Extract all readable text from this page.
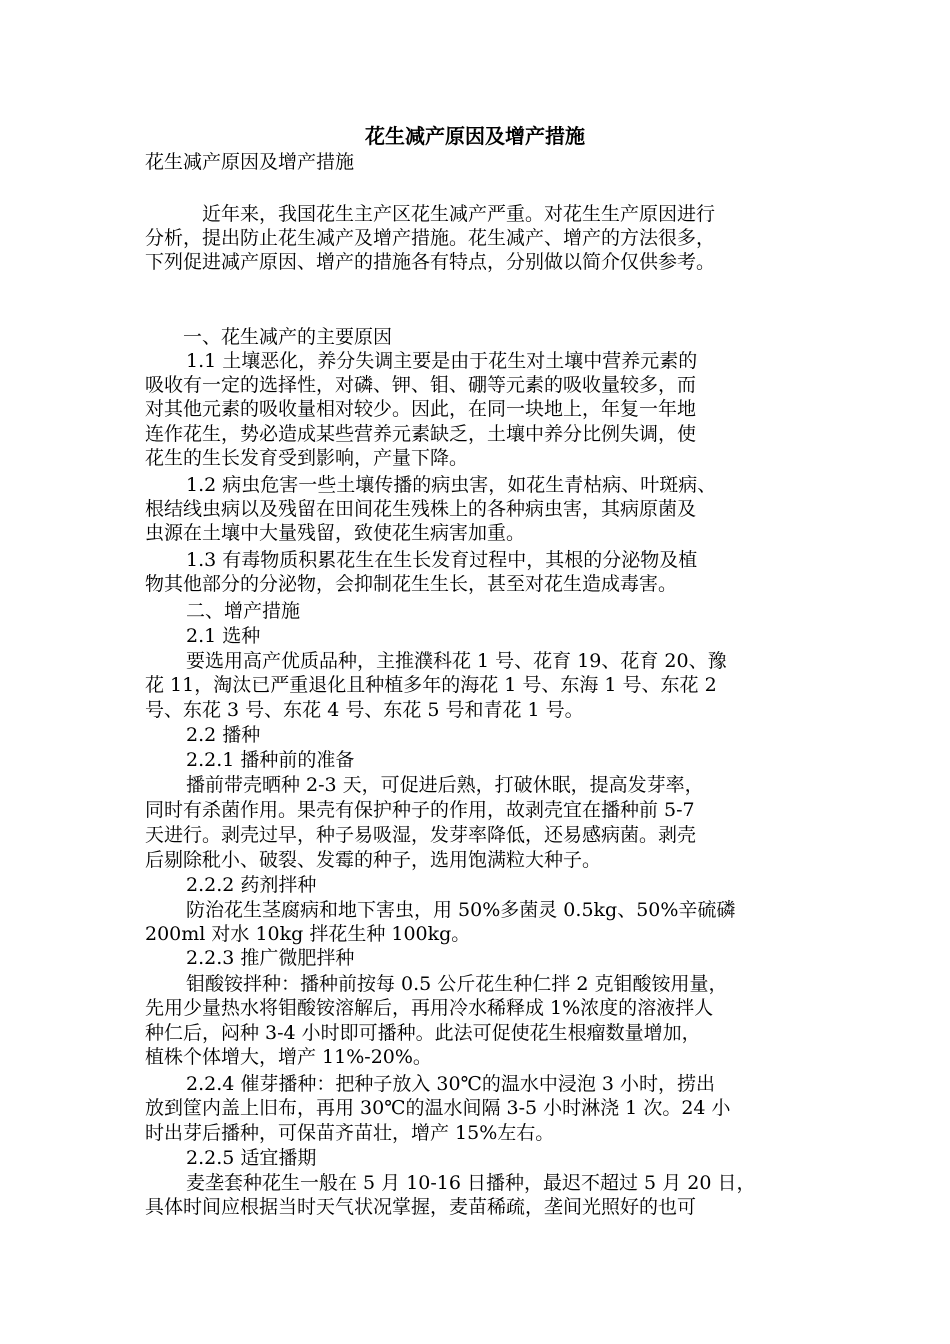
花生减产原因及增产措施
花生减产原因及增产措施
近年来，我国花生主产区花生减产严重。对花生生产原因进行
分析，提出防止花生减产及增产措施。花生减产、增产的方法很多，
下列促进减产原因、增产的措施各有特点，分别做以简介仅供参考。
一、花生减产的主要原因
1.1 土壤恶化，养分失调主要是由于花生对土壤中营养元素的
吸收有一定的选择性，对磷、钾、钼、硼等元素的吸收量较多，而
对其他元素的吸收量相对较少。因此，在同一块地上，年复一年地
连作花生，势必造成某些营养元素缺乏，土壤中养分比例失调，使
花生的生长发育受到影响，产量下降。
1.2 病虫危害一些土壤传播的病虫害，如花生青枯病、叶斑病、
根结线虫病以及残留在田间花生残株上的各种病虫害，其病原菌及
虫源在土壤中大量残留，致使花生病害加重。
1.3 有毒物质积累花生在生长发育过程中，其根的分泌物及植
物其他部分的分泌物，会抑制花生生长，甚至对花生造成毒害。
二、增产措施
2.1 选种
要选用高产优质品种，主推濮科花 1 号、花育 19、花育 20、豫
花 11，淘汰已严重退化且种植多年的海花 1 号、东海 1 号、东花 2
号、东花 3 号、东花 4 号、东花 5 号和青花 1 号。
2.2 播种
2.2.1 播种前的准备
播前带壳晒种 2-3 天，可促进后熟，打破休眠，提高发芽率，
同时有杀菌作用。果壳有保护种子的作用，故剥壳宜在播种前 5-7
天进行。剥壳过早，种子易吸湿，发芽率降低，还易感病菌。剥壳
后剔除秕小、破裂、发霉的种子，选用饱满粒大种子。
2.2.2 药剂拌种
防治花生茎腐病和地下害虫，用 50%多菌灵 0.5kg、50%辛硫磷
200ml 对水 10kg 拌花生种 100kg。
2.2.3 推广微肥拌种
钼酸铵拌种：播种前按每 0.5 公斤花生种仁拌 2 克钼酸铵用量，
先用少量热水将钼酸铵溶解后，再用冷水稀释成 1%浓度的溶液拌人
种仁后，闷种 3-4 小时即可播种。此法可促使花生根瘤数量增加，
植株个体增大，增产 11%-20%。
2.2.4 催芽播种：把种子放入 30℃的温水中浸泡 3 小时，捞出
放到筐内盖上旧布，再用 30℃的温水间隔 3-5 小时淋浇 1 次。24 小
时出芽后播种，可保苗齐苗壮，增产 15%左右。
2.2.5 适宜播期
麦垄套种花生一般在 5 月 10-16 日播种，最迟不超过 5 月 20 日，
具体时间应根据当时天气状况掌握，麦苗稀疏，垄间光照好的也可
